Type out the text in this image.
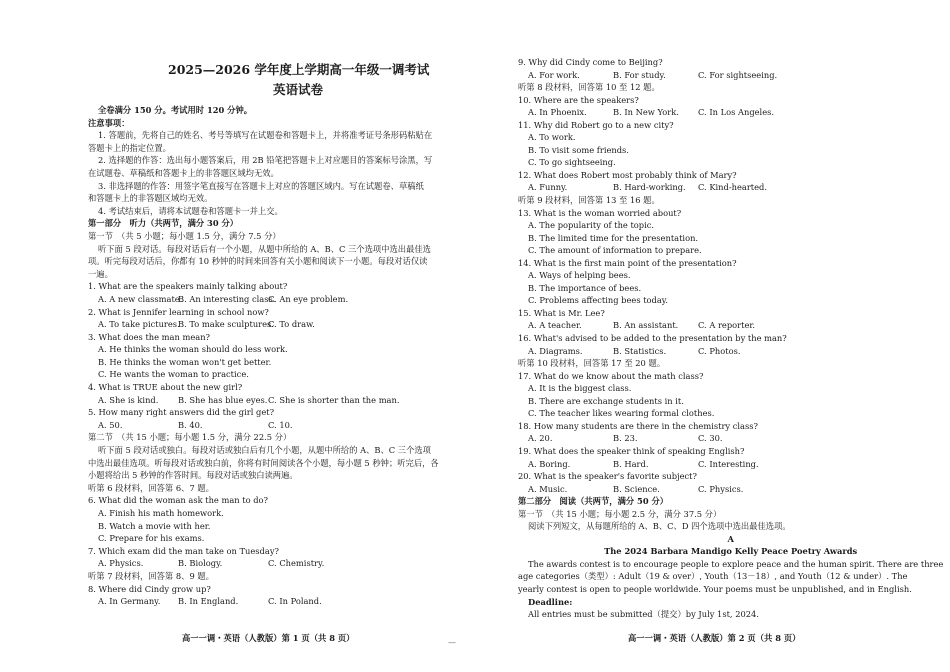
2025—2026 学年度上学期高一年级一调考试
英语试卷
全卷满分 150 分。考试用时 120 分钟。
注意事项：
1. 答题前，先将自己的姓名、考号等填写在试题卷和答题卡上，并将准考证号条形码粘贴在
答题卡上的指定位置。
2. 选择题的作答：选出每小题答案后，用 2B 铅笔把答题卡上对应题目的答案标号涂黑，写
在试题卷、草稿纸和答题卡上的非答题区域均无效。
3. 非选择题的作答：用签字笔直接写在答题卡上对应的答题区域内。写在试题卷、草稿纸
和答题卡上的非答题区域均无效。
4. 考试结束后，请将本试题卷和答题卡一并上交。
第一部分　听力（共两节，满分 30 分）
第一节　（共 5 小题；每小题 1.5 分，满分 7.5 分）
听下面 5 段对话。每段对话后有一个小题，从题中所给的 A、B、C 三个选项中选出最佳选
项。听完每段对话后，你都有 10 秒钟的时间来回答有关小题和阅读下一小题。每段对话仅读
一遍。
1. What are the speakers mainly talking about?
A. A new classmate.
B. An interesting class.
C. An eye problem.
2. What is Jennifer learning in school now?
A. To take pictures.
B. To make sculptures.
C. To draw.
3. What does the man mean?
A. He thinks the woman should do less work.
B. He thinks the woman won't get better.
C. He wants the woman to practice.
4. What is TRUE about the new girl?
A. She is kind.	B. She has blue eyes. C. She is shorter than the man.
5. How many right answers did the girl get?
A. 50.	B. 40.	C. 10.
第二节　（共 15 小题；每小题 1.5 分，满分 22.5 分）
听下面 5 段对话或独白。每段对话或独白后有几个小题，从题中所给的 A、B、C 三个选项
中选出最佳选项。听每段对话或独白前，你将有时间阅读各个小题，每小题 5 秒钟；听完后，各
小题将给出 5 秒钟的作答时间。每段对话或独白读两遍。
听第 6 段材料，回答第 6、7 题。
6. What did the woman ask the man to do?
A. Finish his math homework.
B. Watch a movie with her.
C. Prepare for his exams.
7. Which exam did the man take on Tuesday?
A. Physics.	B. Biology.	C. Chemistry.
听第 7 段材料，回答第 8、9 题。
8. Where did Cindy grow up?
A. In Germany.	B. In England.	C. In Poland.
高一一调・英语（人教版）第 1 页（共 8 页）
9. Why did Cindy come to Beijing?
A. For work.	B. For study.	C. For sightseeing.
听第 8 段材料，回答第 10 至 12 题。
10. Where are the speakers?
A. In Phoenix.	B. In New York.	C. In Los Angeles.
11. Why did Robert go to a new city?
A. To work.
B. To visit some friends.
C. To go sightseeing.
12. What does Robert most probably think of Mary?
A. Funny.	B. Hard-working.	C. Kind-hearted.
听第 9 段材料，回答第 13 至 16 题。
13. What is the woman worried about?
A. The popularity of the topic.
B. The limited time for the presentation.
C. The amount of information to prepare.
14. What is the first main point of the presentation?
A. Ways of helping bees.
B. The importance of bees.
C. Problems affecting bees today.
15. What is Mr. Lee?
A. A teacher.	B. An assistant.	C. A reporter.
16. What's advised to be added to the presentation by the man?
A. Diagrams.	B. Statistics.	C. Photos.
听第 10 段材料，回答第 17 至 20 题。
17. What do we know about the math class?
A. It is the biggest class.
B. There are exchange students in it.
C. The teacher likes wearing formal clothes.
18. How many students are there in the chemistry class?
A. 20.	B. 23.	C. 30.
19. What does the speaker think of speaking English?
A. Boring.	B. Hard.	C. Interesting.
20. What is the speaker's favorite subject?
A. Music.	B. Science.	C. Physics.
第二部分　阅读（共两节，满分 50 分）
第一节　（共 15 小题；每小题 2.5 分，满分 37.5 分）
阅读下列短文，从每题所给的 A、B、C、D 四个选项中选出最佳选项。
A
The 2024 Barbara Mandigo Kelly Peace Poetry Awards
The awards contest is to encourage people to explore peace and the human spirit. There are three
age categories（类型）: Adult（19 & over）, Youth（13－18）, and Youth（12 & under）. The
yearly contest is open to people worldwide. Your poems must be unpublished, and in English.
Deadline:
All entries must be submitted（提交）by July 1st, 2024.
高一一调・英语（人教版）第 2 页（共 8 页）
—
